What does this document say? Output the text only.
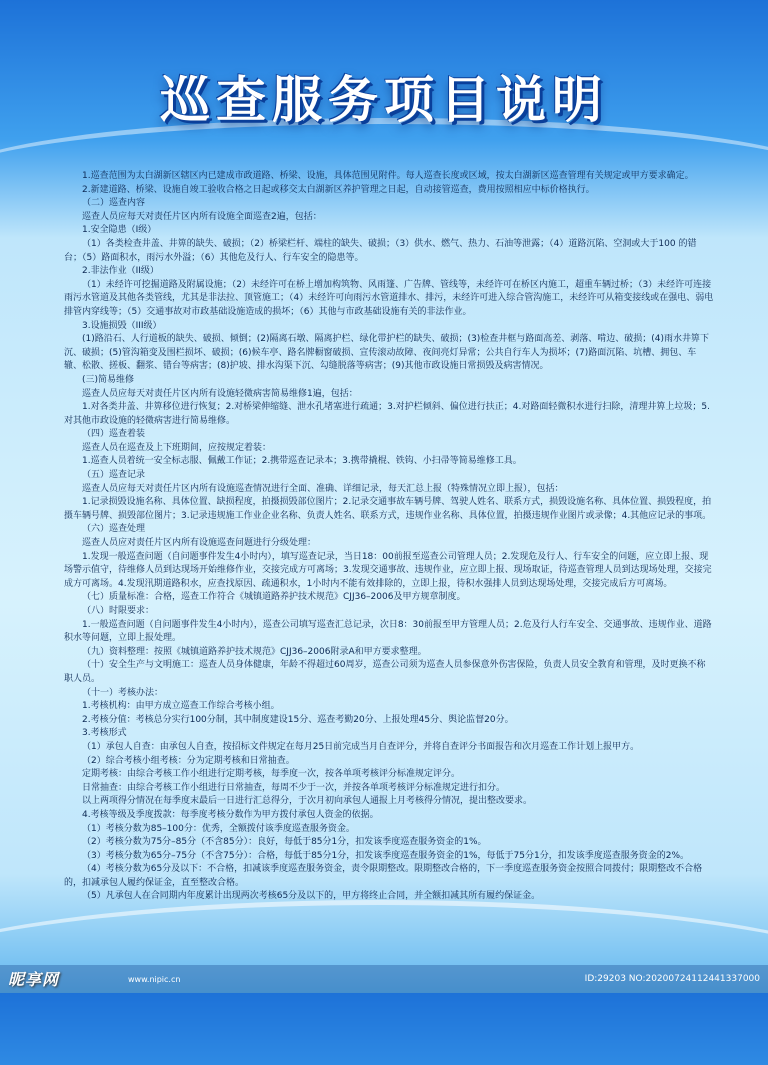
巡查服务项目说明

1.巡查范围为太白湖新区辖区内已建成市政道路、桥梁、设施，具体范围见附件。每人巡查长度或区域，按太白湖新区巡查管理有关规定或甲方要求确定。

2.新建道路、桥梁、设施自竣工验收合格之日起或移交太白湖新区养护管理之日起，自动接管巡查，费用按照相应中标价格执行。

（二）巡查内容

巡查人员应每天对责任片区内所有设施全面巡查2遍，包括：

1.安全隐患（I级）

（1）各类检查井盖、井箅的缺失、破损；（2）桥梁栏杆、端柱的缺失、破损；（3）供水、燃气、热力、石油等泄露；（4）道路沉陷、空洞或大于100 的错台；（5）路面积水，雨污水外溢；（6）其他危及行人、行车安全的隐患等。

2.非法作业（II级）

（1）未经许可挖掘道路及附属设施；（2）未经许可在桥上增加构筑物、风雨篷、广告牌、管线等，未经许可在桥区内施工，超重车辆过桥；（3）未经许可连接雨污水管道及其他各类管线，尤其是非法拉、顶管施工；（4）未经许可向雨污水管道排水、排污，未经许可进入综合管沟施工，未经许可从箱变接线或在强电、弱电排管内穿线等；（5）交通事故对市政基础设施造成的损坏；（6）其他与市政基础设施有关的非法作业。

3.设施损毁（III级）

(1)路沿石、人行道板的缺失、破损、倾倒；(2)隔离石墩、隔离护栏、绿化带护栏的缺失、破损；(3)检查井框与路面高差、剥落、啃边、破损；(4)雨水井箅下沉、破损；(5)管沟箱变及围栏损坏、破损；(6)候车亭、路名牌橱窗破损、宣传滚动故障、夜间亮灯异常；公共自行车人为损坏；(7)路面沉陷、坑槽、拥包、车辙、松散、搓板、翻浆、错台等病害；(8)护坡、排水沟渠下沉、勾缝脱落等病害；(9)其他市政设施日常损毁及病害情况。

(三)简易维修

巡查人员应每天对责任片区内所有设施轻微病害简易维修1遍，包括：

1.对各类井盖、井箅移位进行恢复；2.对桥梁伸缩缝、泄水孔堵塞进行疏通；3.对护栏倾斜、偏位进行扶正；4.对路面轻微积水进行扫除，清理井箅上垃圾；5.对其他市政设施的轻微病害进行简易维修。

（四）巡查着装

巡查人员在巡查及上下班期间，应按规定着装：

1.巡查人员着统一安全标志服、佩戴工作证；2.携带巡查记录本；3.携带撬棍、铁钩、小扫帚等简易维修工具。

（五）巡查记录

巡查人员应每天对责任片区内所有设施巡查情况进行全面、准确、详细记录，每天汇总上报（特殊情况立即上报），包括：

1.记录损毁设施名称、具体位置、缺损程度，拍摄损毁部位图片；2.记录交通事故车辆号牌、驾驶人姓名、联系方式，损毁设施名称、具体位置、损毁程度，拍摄车辆号牌、损毁部位图片；3.记录违规施工作业企业名称、负责人姓名、联系方式，违规作业名称、具体位置，拍摄违规作业图片或录像；4.其他应记录的事项。

（六）巡查处理

巡查人员应对责任片区内所有设施巡查问题进行分级处理：

1.发现一般巡查问题（自问题事件发生4小时内），填写巡查记录，当日18：00前报至巡查公司管理人员；2.发现危及行人、行车安全的问题，应立即上报、现场警示值守，待维修人员到达现场开始维修作业，交接完成方可离场；3.发现交通事故、违规作业，应立即上报、现场取证，待巡查管理人员到达现场处理，交接完成方可离场。4.发现汛期道路积水，应查找原因、疏通积水，1小时内不能有效排除的，立即上报，待积水强排人员到达现场处理，交接完成后方可离场。

（七）质量标准：合格，巡查工作符合《城镇道路养护技术规范》CJJ36–2006及甲方规章制度。

（八）时限要求：

1.一般巡查问题（自问题事件发生4小时内），巡查公司填写巡查汇总记录，次日8：30前报至甲方管理人员；2.危及行人行车安全、交通事故、违规作业、道路积水等问题，立即上报处理。

（九）资料整理：按照《城镇道路养护技术规范》CJJ36–2006附录A和甲方要求整理。

（十）安全生产与文明施工：巡查人员身体健康，年龄不得超过60周岁，巡查公司须为巡查人员参保意外伤害保险，负责人员安全教育和管理，及时更换不称职人员。

（十一）考核办法：

1.考核机构：由甲方成立巡查工作综合考核小组。

2.考核分值：考核总分实行100分制，其中制度建设15分、巡查考勤20分、上报处理45分、舆论监督20分。

3.考核形式

（1）承包人自查：由承包人自查，按招标文件规定在每月25日前完成当月自查评分，并将自查评分书面报告和次月巡查工作计划上报甲方。

（2）综合考核小组考核：分为定期考核和日常抽查。

定期考核：由综合考核工作小组进行定期考核，每季度一次，按各单项考核评分标准规定评分。

日常抽查：由综合考核工作小组进行日常抽查，每周不少于一次，并按各单项考核评分标准规定进行扣分。

以上两项得分情况在每季度末最后一日进行汇总得分，于次月初向承包人通报上月考核得分情况，提出整改要求。

4.考核等级及季度拨款：每季度考核分数作为甲方拨付承包人资金的依据。

（1）考核分数为85–100分：优秀，全额拨付该季度巡查服务资金。

（2）考核分数为75分–85分（不含85分）：良好，每低于85分1分，扣发该季度巡查服务资金的1%。

（3）考核分数为65分–75分（不含75分）：合格，每低于85分1分，扣发该季度巡查服务资金的1%，每低于75分1分，扣发该季度巡查服务资金的2%。

（4）考核分数为65分及以下：不合格，扣减该季度巡查服务资金，责令限期整改。限期整改合格的，下一季度巡查服务资金按照合同拨付；限期整改不合格的，扣减承包人履约保证金，直至整改合格。

（5）凡承包人在合同期内年度累计出现两次考核65分及以下的，甲方将终止合同，并全额扣减其所有履约保证金。

昵享网	www.nipic.cn	ID:29203 NO:20200724112441337000
